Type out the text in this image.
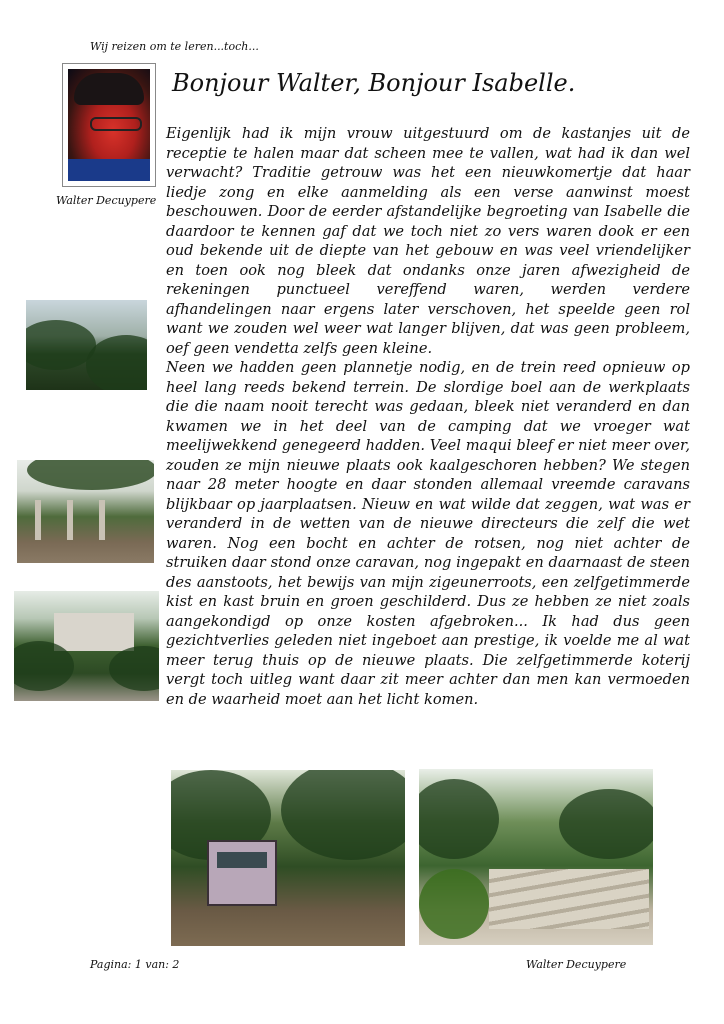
Wij reizen om te leren...toch...
Walter Decuypere
Bonjour Walter, Bonjour Isabelle.

Eigenlijk had ik mijn vrouw uitgestuurd om de kastanjes uit de receptie te halen maar dat scheen mee te vallen, wat had ik dan wel verwacht? Traditie getrouw was het een nieuwkomertje dat haar liedje zong en elke aanmelding als een verse aanwinst moest beschouwen. Door de eerder afstandelijke begroeting van Isabelle die daardoor te kennen gaf dat we toch niet zo vers waren dook er een oud bekende uit de diepte van het gebouw en was veel vriendelijker en toen ook nog bleek dat ondanks onze jaren afwezigheid de rekeningen punctueel vereffend waren, werden verdere afhandelingen naar ergens later verschoven, het speelde geen rol want we zouden wel weer wat langer blijven, dat was geen probleem, oef geen vendetta zelfs geen kleine.

Neen we hadden geen plannetje nodig, en de trein reed opnieuw op heel lang reeds bekend terrein. De slordige boel aan de werkplaats die die naam nooit terecht was gedaan, bleek niet veranderd en dan kwamen we in het deel van de camping dat we vroeger wat meelijwekkend genegeerd hadden. Veel maqui bleef er niet meer over, zouden ze mijn nieuwe plaats ook kaalgeschoren hebben? We stegen naar 28 meter hoogte en daar stonden allemaal vreemde caravans blijkbaar op jaarplaatsen. Nieuw en wat wilde dat zeggen, wat was er veranderd in de wetten van de nieuwe directeurs die zelf die wet waren. Nog een bocht en achter de rotsen, nog niet achter de struiken daar stond onze caravan, nog ingepakt en daarnaast de steen des aanstoots, het bewijs van mijn zigeunerroots, een zelfgetimmerde kist en kast bruin en groen geschilderd. Dus ze hebben ze niet zoals aangekondigd op onze kosten afgebroken... Ik had dus geen gezichtverlies geleden niet ingeboet aan prestige, ik voelde me al wat meer terug thuis op de nieuwe plaats. Die zelfgetimmerde koterij vergt toch uitleg want daar zit meer achter dan men kan vermoeden en de waarheid moet aan het licht komen.

Pagina: 1 van: 2	Walter Decuypere
